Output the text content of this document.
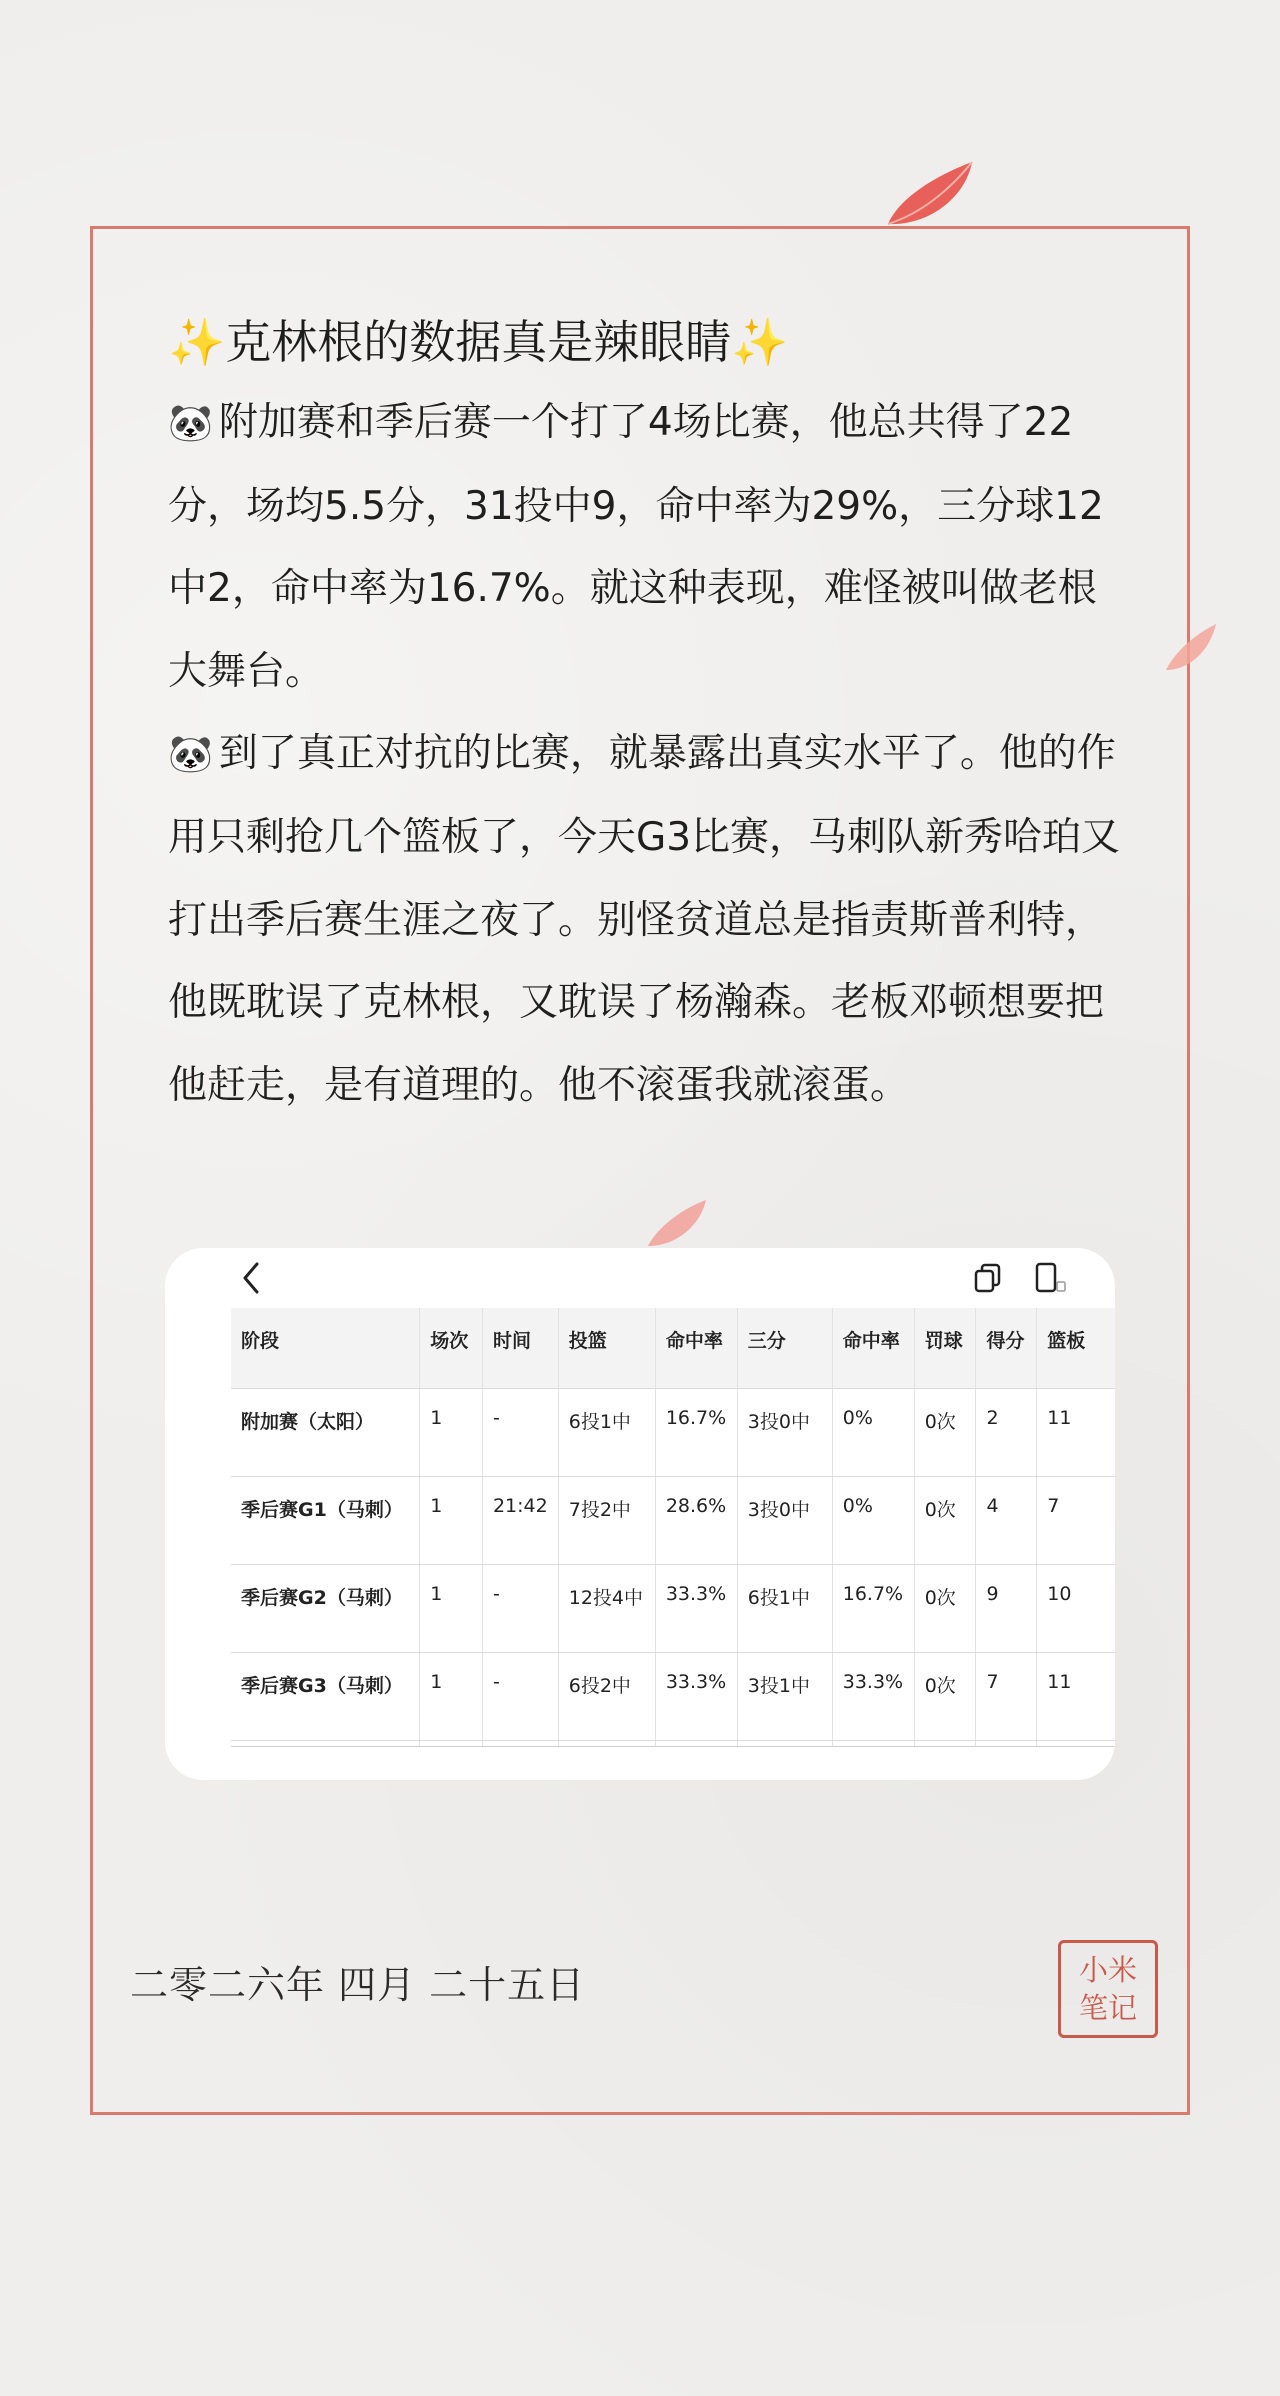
✨克林根的数据真是辣眼睛✨

🐼 附加赛和季后赛一个打了4场比赛，他总共得了22分，场均5.5分，31投中9，命中率为29%，三分球12中2，命中率为16.7%。就这种表现，难怪被叫做老根大舞台。

🐼 到了真正对抗的比赛，就暴露出真实水平了。他的作用只剩抢几个篮板了，今天G3比赛，马刺队新秀哈珀又打出季后赛生涯之夜了。别怪贫道总是指责斯普利特，他既耽误了克林根，又耽误了杨瀚森。老板邓顿想要把他赶走，是有道理的。他不滚蛋我就滚蛋。

阶段	场次	时间	投篮	命中率	三分	命中率	罚球	得分	篮板
附加赛（太阳）	1	-	6投1中	16.7%	3投0中	0%	0次	2	11
季后赛G1（马刺）	1	21:42	7投2中	28.6%	3投0中	0%	0次	4	7
季后赛G2（马刺）	1	-	12投4中	33.3%	6投1中	16.7%	0次	9	10
季后赛G3（马刺）	1	-	6投2中	33.3%	3投1中	33.3%	0次	7	11

二零二六年 四月 二十五日	小米
笔记
